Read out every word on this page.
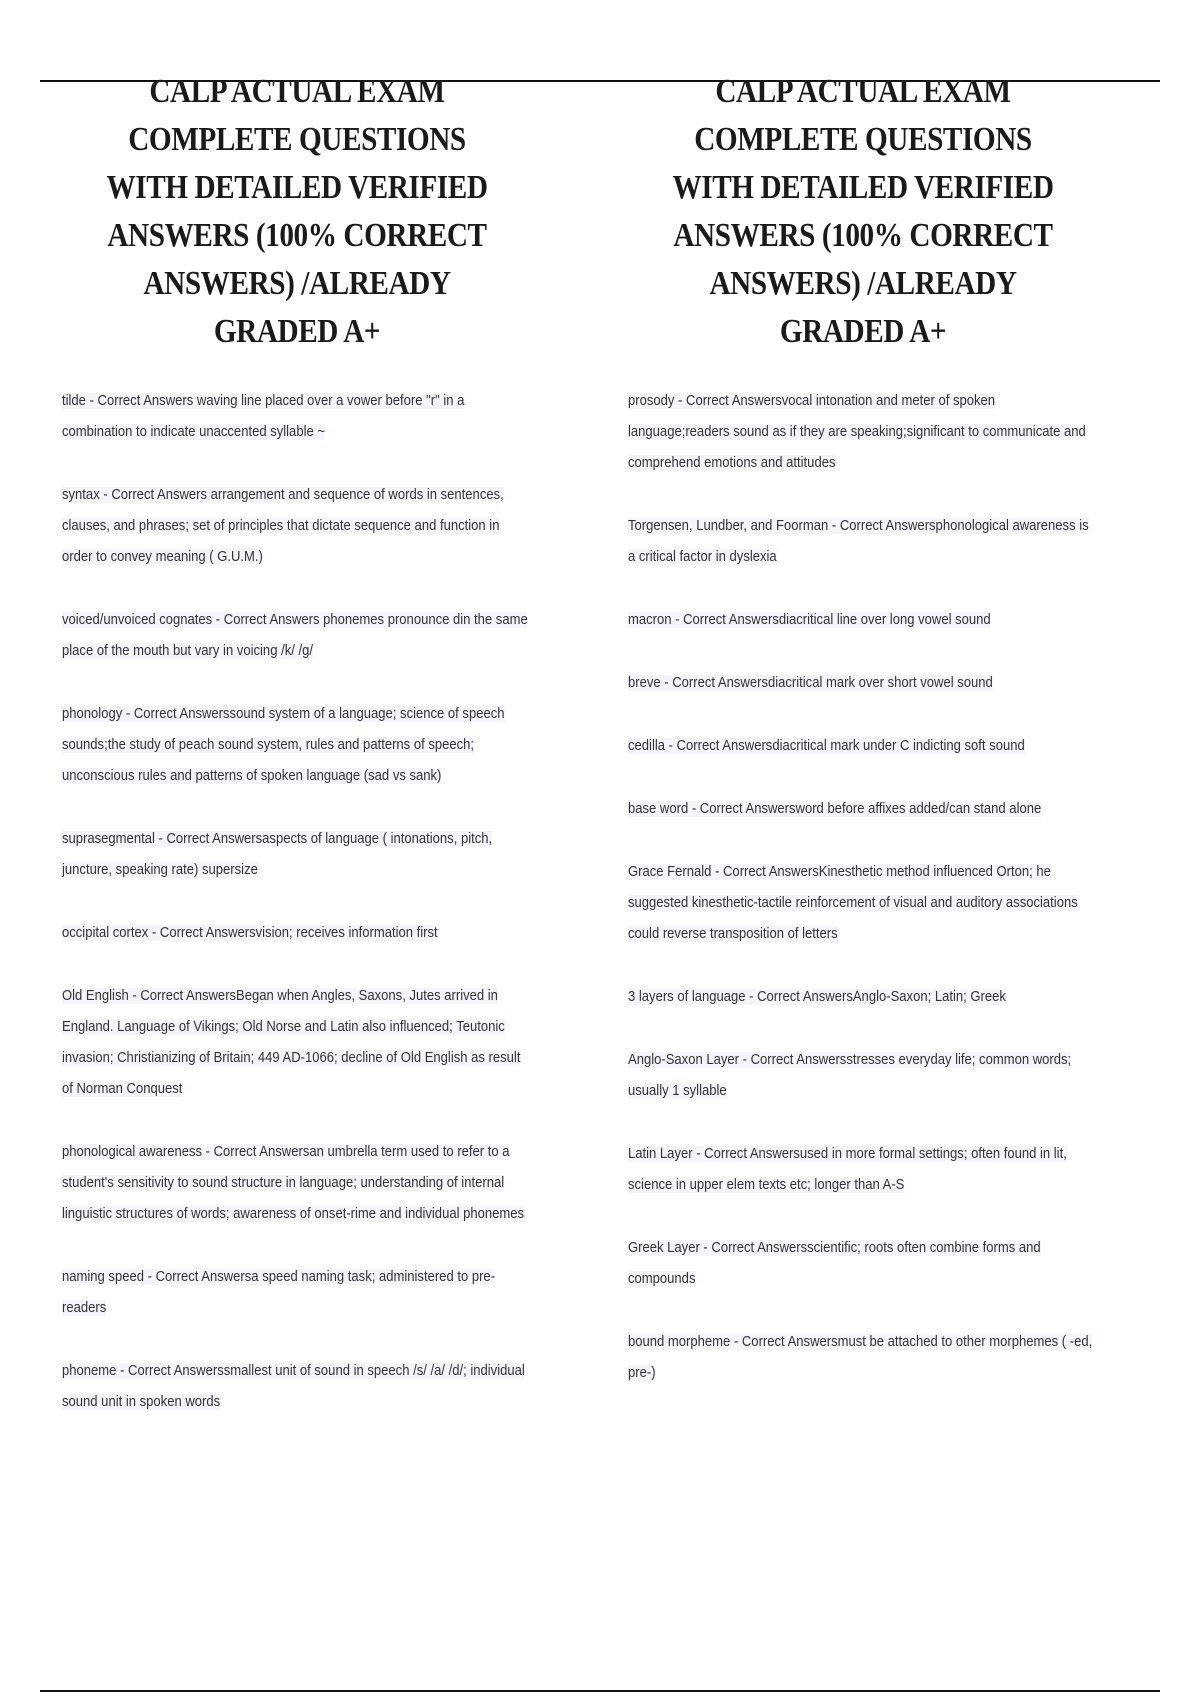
CALP ACTUAL EXAM COMPLETE QUESTIONS WITH DETAILED VERIFIED ANSWERS (100% CORRECT ANSWERS) /ALREADY GRADED A+

tilde - Correct Answers waving line placed over a vower before "r" in a combination to indicate unaccented syllable ~

syntax - Correct Answers arrangement and sequence of words in sentences, clauses, and phrases; set of principles that dictate sequence and function in order to convey meaning ( G.U.M.)

voiced/unvoiced cognates - Correct Answers phonemes pronounce din the same place of the mouth but vary in voicing /k/ /g/

phonology - Correct Answerssound system of a language; science of speech sounds;the study of peach sound system, rules and patterns of speech; unconscious rules and patterns of spoken language (sad vs sank)

suprasegmental - Correct Answersaspects of language ( intonations, pitch, juncture, speaking rate) supersize

occipital cortex - Correct Answersvision; receives information first

Old English - Correct AnswersBegan when Angles, Saxons, Jutes arrived in England. Language of Vikings; Old Norse and Latin also influenced; Teutonic invasion; Christianizing of Britain; 449 AD-1066; decline of Old English as result of Norman Conquest

phonological awareness - Correct Answersan umbrella term used to refer to a student's sensitivity to sound structure in language; understanding of internal linguistic structures of words; awareness of onset-rime and individual phonemes

naming speed - Correct Answersa speed naming task; administered to pre-readers

phoneme - Correct Answerssmallest unit of sound in speech /s/ /a/ /d/; individual sound unit in spoken words

CALP ACTUAL EXAM COMPLETE QUESTIONS WITH DETAILED VERIFIED ANSWERS (100% CORRECT ANSWERS) /ALREADY GRADED A+

prosody - Correct Answersvocal intonation and meter of spoken language;readers sound as if they are speaking;significant to communicate and comprehend emotions and attitudes

Torgensen, Lundber, and Foorman - Correct Answersphonological awareness is a critical factor in dyslexia

macron - Correct Answersdiacritical line over long vowel sound

breve - Correct Answersdiacritical mark over short vowel sound

cedilla - Correct Answersdiacritical mark under C indicting soft sound

base word - Correct Answersword before affixes added/can stand alone

Grace Fernald - Correct AnswersKinesthetic method influenced Orton; he suggested kinesthetic-tactile reinforcement of visual and auditory associations could reverse transposition of letters

3 layers of language - Correct AnswersAnglo-Saxon; Latin; Greek

Anglo-Saxon Layer - Correct Answersstresses everyday life; common words; usually 1 syllable

Latin Layer - Correct Answersused in more formal settings; often found in lit, science in upper elem texts etc; longer than A-S

Greek Layer - Correct Answersscientific; roots often combine forms and compounds

bound morpheme - Correct Answersmust be attached to other morphemes ( -ed, pre-)
